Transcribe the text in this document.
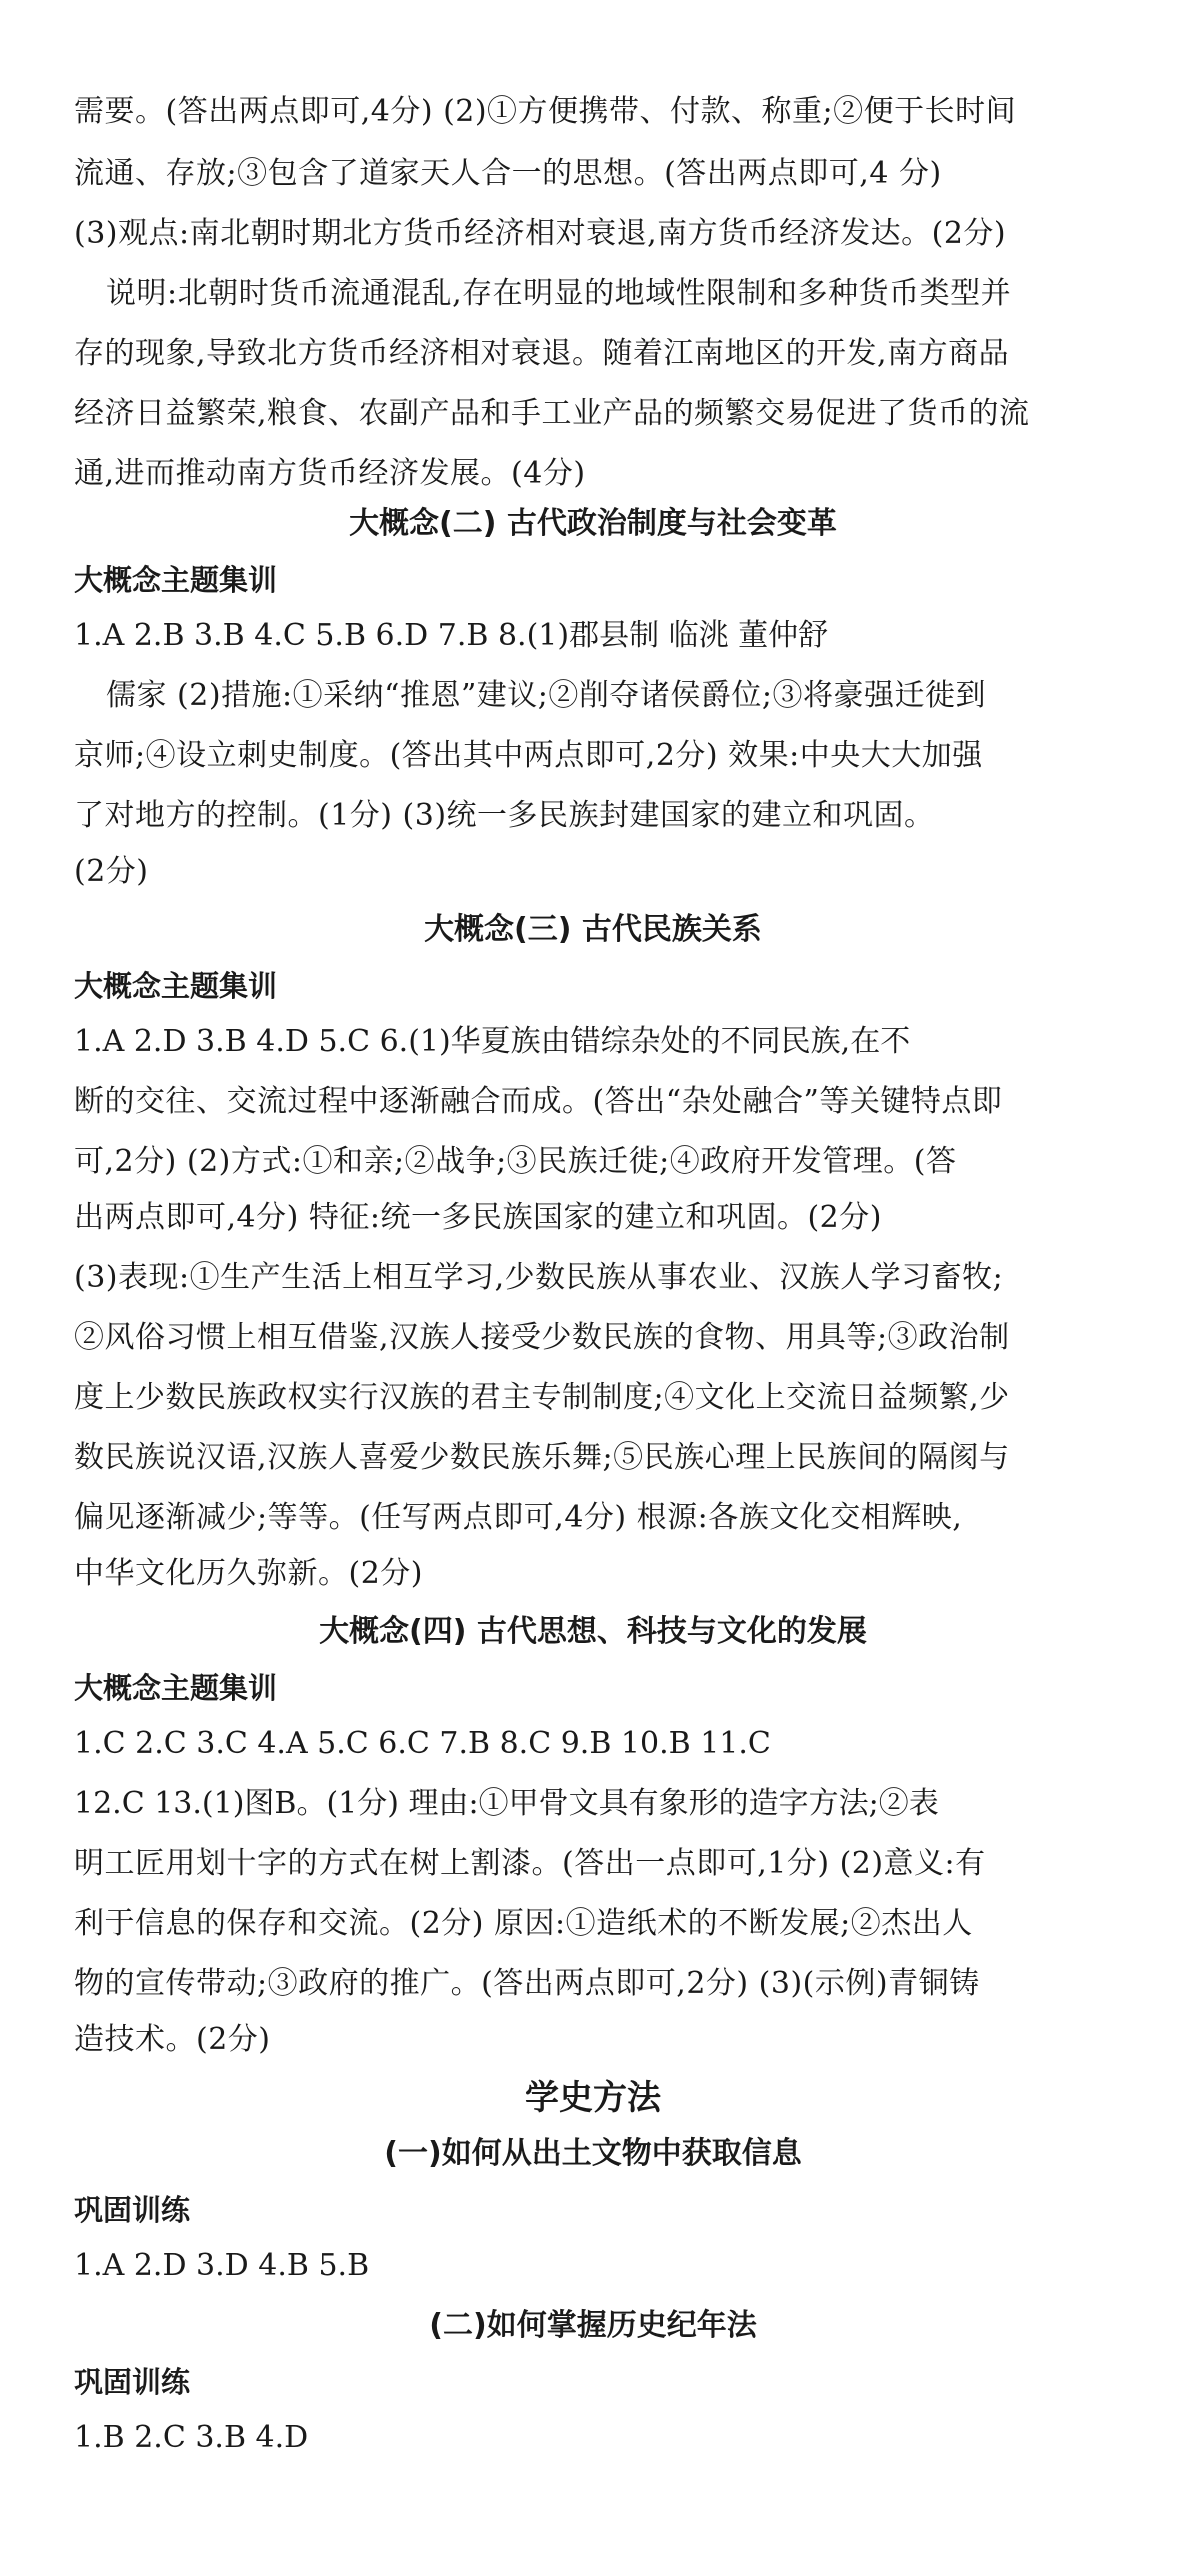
需要。(答出两点即可,4分) (2)①方便携带、付款、称重;②便于长时间
流通、存放;③包含了道家天人合一的思想。(答出两点即可,4 分)
(3)观点:南北朝时期北方货币经济相对衰退,南方货币经济发达。(2分)
说明:北朝时货币流通混乱,存在明显的地域性限制和多种货币类型并
存的现象,导致北方货币经济相对衰退。随着江南地区的开发,南方商品
经济日益繁荣,粮食、农副产品和手工业产品的频繁交易促进了货币的流
通,进而推动南方货币经济发展。(4分)
大概念(二) 古代政治制度与社会变革
大概念主题集训
1.A 2.B 3.B 4.C 5.B 6.D 7.B 8.(1)郡县制 临洮 董仲舒
儒家 (2)措施:①采纳“推恩”建议;②削夺诸侯爵位;③将豪强迁徙到
京师;④设立刺史制度。(答出其中两点即可,2分) 效果:中央大大加强
了对地方的控制。(1分) (3)统一多民族封建国家的建立和巩固。
(2分)
大概念(三) 古代民族关系
大概念主题集训
1.A 2.D 3.B 4.D 5.C 6.(1)华夏族由错综杂处的不同民族,在不
断的交往、交流过程中逐渐融合而成。(答出“杂处融合”等关键特点即
可,2分) (2)方式:①和亲;②战争;③民族迁徙;④政府开发管理。(答
出两点即可,4分) 特征:统一多民族国家的建立和巩固。(2分)
(3)表现:①生产生活上相互学习,少数民族从事农业、汉族人学习畜牧;
②风俗习惯上相互借鉴,汉族人接受少数民族的食物、用具等;③政治制
度上少数民族政权实行汉族的君主专制制度;④文化上交流日益频繁,少
数民族说汉语,汉族人喜爱少数民族乐舞;⑤民族心理上民族间的隔阂与
偏见逐渐减少;等等。(任写两点即可,4分) 根源:各族文化交相辉映,
中华文化历久弥新。(2分)
大概念(四) 古代思想、科技与文化的发展
大概念主题集训
1.C 2.C 3.C 4.A 5.C 6.C 7.B 8.C 9.B 10.B 11.C
12.C 13.(1)图B。(1分) 理由:①甲骨文具有象形的造字方法;②表
明工匠用划十字的方式在树上割漆。(答出一点即可,1分) (2)意义:有
利于信息的保存和交流。(2分) 原因:①造纸术的不断发展;②杰出人
物的宣传带动;③政府的推广。(答出两点即可,2分) (3)(示例)青铜铸
造技术。(2分)
学史方法
(一)如何从出土文物中获取信息
巩固训练
1.A 2.D 3.D 4.B 5.B
(二)如何掌握历史纪年法
巩固训练
1.B 2.C 3.B 4.D
